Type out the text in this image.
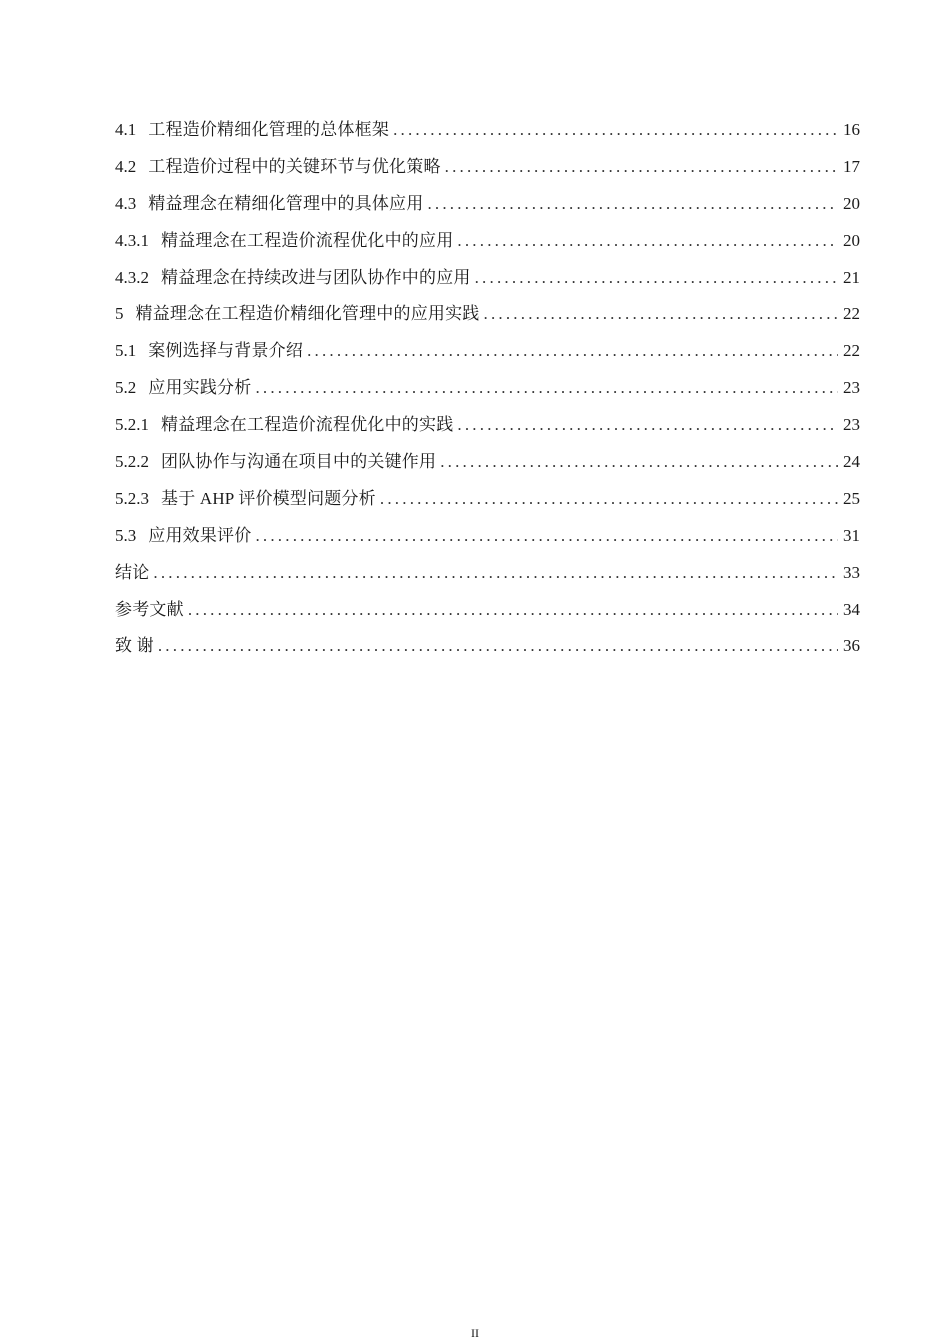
4.1 工程造价精细化管理的总体框架 .....	16
4.2 工程造价过程中的关键环节与优化策略 .....	17
4.3 精益理念在精细化管理中的具体应用 .....	20
4.3.1 精益理念在工程造价流程优化中的应用 .....	20
4.3.2 精益理念在持续改进与团队协作中的应用 .....	21
5 精益理念在工程造价精细化管理中的应用实践 .....	22
5.1 案例选择与背景介绍 .....	22
5.2 应用实践分析 .....	23
5.2.1 精益理念在工程造价流程优化中的实践 .....	23
5.2.2 团队协作与沟通在项目中的关键作用 .....	24
5.2.3 基于 AHP 评价模型问题分析 .....	25
5.3 应用效果评价 .....	31
结论 .....	33
参考文献 .....	34
致 谢 .....	36
II
